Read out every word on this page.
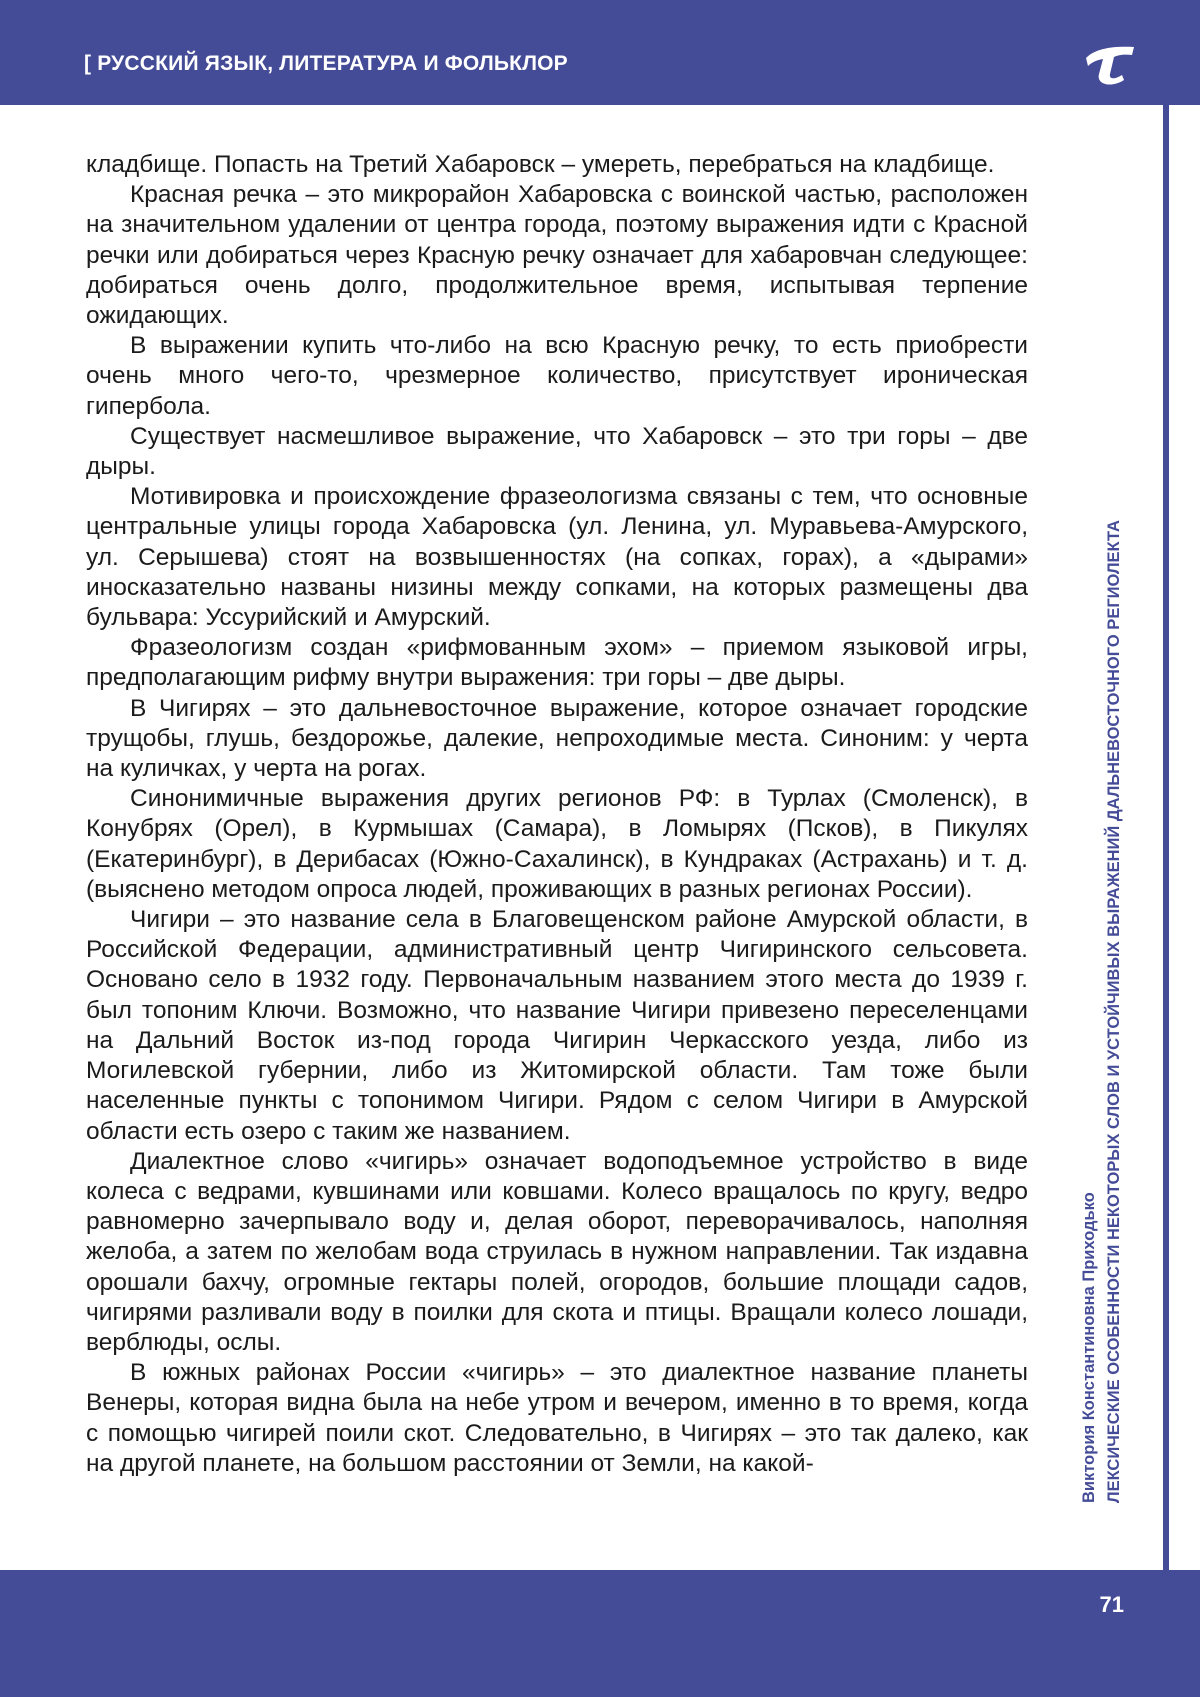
[ РУССКИЙ ЯЗЫК, ЛИТЕРАТУРА И ФОЛЬКЛОР
Виктория Константиновна Приходько ЛЕКСИЧЕСКИЕ ОСОБЕННОСТИ НЕКОТОРЫХ СЛОВ И УСТОЙЧИВЫХ ВЫРАЖЕНИЙ ДАЛЬНЕВОСТОЧНОГО РЕГИОЛЕКТА

кладбище. Попасть на Третий Хабаровск – умереть, перебраться на кладбище.

Красная речка – это микрорайон Хабаровска с воинской частью, расположен на значительном удалении от центра города, поэтому выражения идти с Красной речки или добираться через Красную речку означает для хабаровчан следующее: добираться очень долго, продолжительное время, испытывая терпение ожидающих.

В выражении купить что-либо на всю Красную речку, то есть приобрести очень много чего-то, чрезмерное количество, присутствует ироническая гипербола.

Существует насмешливое выражение, что Хабаровск – это три горы – две дыры.

Мотивировка и происхождение фразеологизма связаны с тем, что основные центральные улицы города Хабаровска (ул. Ленина, ул. Муравьева-Амурского, ул. Серышева) стоят на возвышенностях (на сопках, горах), а «дырами» иносказательно названы низины между сопками, на которых размещены два бульвара: Уссурийский и Амурский.

Фразеологизм создан «рифмованным эхом» – приемом языковой игры, предполагающим рифму внутри выражения: три горы – две дыры.

В Чигирях – это дальневосточное выражение, которое означает городские трущобы, глушь, бездорожье, далекие, непроходимые места. Синоним: у черта на куличках, у черта на рогах.

Синонимичные выражения других регионов РФ: в Турлах (Смоленск), в Конубрях (Орел), в Курмышах (Самара), в Ломырях (Псков), в Пикулях (Екатеринбург), в Дерибасах (Южно-Сахалинск), в Кундраках (Астрахань) и т. д. (выяснено методом опроса людей, проживающих в разных регионах России).

Чигири – это название села в Благовещенском районе Амурской области, в Российской Федерации, административный центр Чигиринского сельсовета. Основано село в 1932 году. Первоначальным названием этого места до 1939 г. был топоним Ключи. Возможно, что название Чигири привезено переселенцами на Дальний Восток из-под города Чигирин Черкасского уезда, либо из Могилевской губернии, либо из Житомирской области. Там тоже были населенные пункты с топонимом Чигири. Рядом с селом Чигири в Амурской области есть озеро с таким же названием.

Диалектное слово «чигирь» означает водоподъемное устройство в виде колеса с ведрами, кувшинами или ковшами. Колесо вращалось по кругу, ведро равномерно зачерпывало воду и, делая оборот, переворачивалось, наполняя желоба, а затем по желобам вода струилась в нужном направлении. Так издавна орошали бахчу, огромные гектары полей, огородов, большие площади садов, чигирями разливали воду в поилки для скота и птицы. Вращали колесо лошади, верблюды, ослы.

В южных районах России «чигирь» – это диалектное название планеты Венеры, которая видна была на небе утром и вечером, именно в то время, когда с помощью чигирей поили скот. Следовательно, в Чигирях – это так далеко, как на другой планете, на большом расстоянии от Земли, на какой-

71
